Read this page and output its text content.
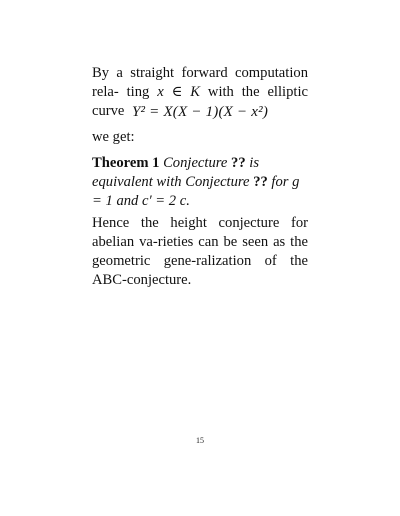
By a straight forward computation rela- ting x ∈ K with the elliptic curve Y² = X(X − 1)(X − x²)
we get:
Theorem 1 Conjecture ?? is equivalent with Conjecture ?? for g = 1 and c′ = 2 c.
Hence the height conjecture for abelian va-rieties can be seen as the geometric gene-ralization of the ABC-conjecture.
15
